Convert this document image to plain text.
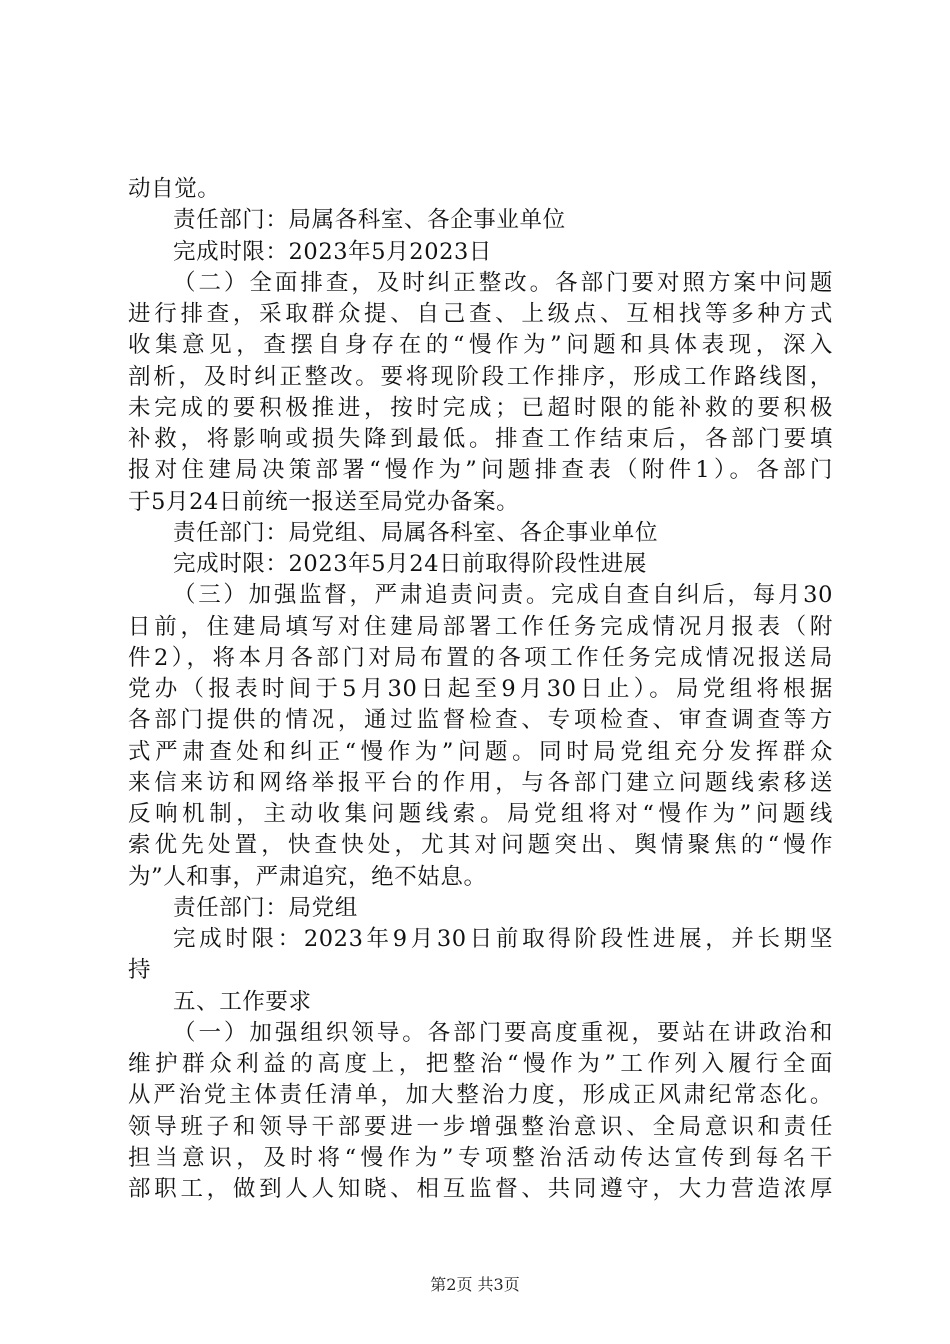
动自觉。
责任部门：局属各科室、各企事业单位
完成时限：2023年5月2023日
（二）全面排查，及时纠正整改。各部门要对照方案中问题
进行排查，采取群众提、自己查、上级点、互相找等多种方式
收集意见，查摆自身存在的“慢作为”问题和具体表现，深入
剖析，及时纠正整改。要将现阶段工作排序，形成工作路线图，
未完成的要积极推进，按时完成；已超时限的能补救的要积极
补救，将影响或损失降到最低。排查工作结束后，各部门要填
报对住建局决策部署“慢作为”问题排查表（附件1）。各部门
于5月24日前统一报送至局党办备案。
责任部门：局党组、局属各科室、各企事业单位
完成时限：2023年5月24日前取得阶段性进展
（三）加强监督，严肃追责问责。完成自查自纠后，每月30
日前，住建局填写对住建局部署工作任务完成情况月报表（附
件2），将本月各部门对局布置的各项工作任务完成情况报送局
党办（报表时间于5月30日起至9月30日止）。局党组将根据
各部门提供的情况，通过监督检查、专项检查、审查调查等方
式严肃查处和纠正“慢作为”问题。同时局党组充分发挥群众
来信来访和网络举报平台的作用，与各部门建立问题线索移送
反响机制，主动收集问题线索。局党组将对“慢作为”问题线
索优先处置，快查快处，尤其对问题突出、舆情聚焦的“慢作
为”人和事，严肃追究，绝不姑息。
责任部门：局党组
完成时限：2023年9月30日前取得阶段性进展，并长期坚
持
五、工作要求
（一）加强组织领导。各部门要高度重视，要站在讲政治和
维护群众利益的高度上，把整治“慢作为”工作列入履行全面
从严治党主体责任清单，加大整治力度，形成正风肃纪常态化。
领导班子和领导干部要进一步增强整治意识、全局意识和责任
担当意识，及时将“慢作为”专项整治活动传达宣传到每名干
部职工，做到人人知晓、相互监督、共同遵守，大力营造浓厚
第2页 共3页
